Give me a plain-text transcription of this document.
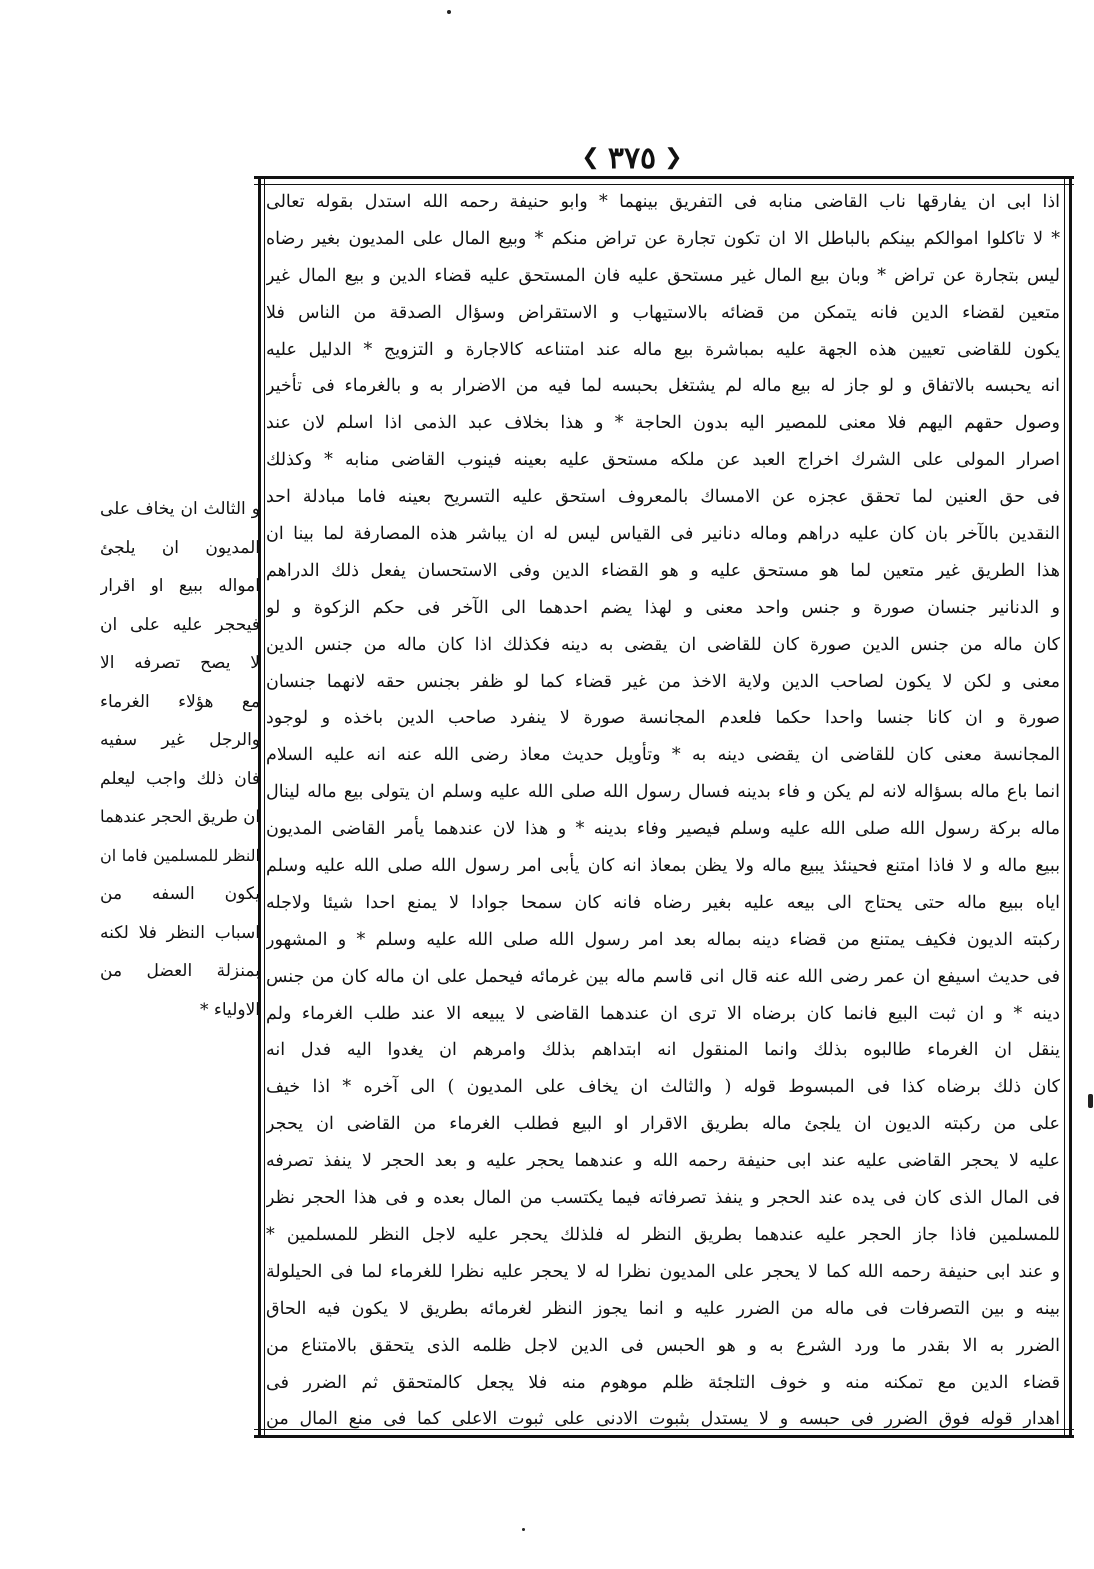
❮ ٣٧٥ ❯
اذا ابى ان يفارقها ناب القاضى منابه فى التفريق بينهما * وابو حنيفة رحمه الله استدل بقوله تعالى
* لا تاكلوا اموالكم بينكم بالباطل الا ان تكون تجارة عن تراض منكم * وبيع المال على المديون بغير رضاه
ليس بتجارة عن تراض * وبان بيع المال غير مستحق عليه فان المستحق عليه قضاء الدين و بيع المال غير
متعين لقضاء الدين فانه يتمكن من قضائه بالاستيهاب و الاستقراض وسؤال الصدقة من الناس فلا
يكون للقاضى تعيين هذه الجهة عليه بمباشرة بيع ماله عند امتناعه كالاجارة و التزويج * الدليل عليه
انه يحبسه بالاتفاق و لو جاز له بيع ماله لم يشتغل بحبسه لما فيه من الاضرار به و بالغرماء فى تأخير
وصول حقهم اليهم فلا معنى للمصير اليه بدون الحاجة * و هذا بخلاف عبد الذمى اذا اسلم لان عند
اصرار المولى على الشرك اخراج العبد عن ملكه مستحق عليه بعينه فينوب القاضى منابه * وكذلك
فى حق العنين لما تحقق عجزه عن الامساك بالمعروف استحق عليه التسريح بعينه فاما مبادلة احد
النقدين بالآخر بان كان عليه دراهم وماله دنانير فى القياس ليس له ان يباشر هذه المصارفة لما بينا ان
هذا الطريق غير متعين لما هو مستحق عليه و هو القضاء الدين وفى الاستحسان يفعل ذلك الدراهم
و الدنانير جنسان صورة و جنس واحد معنى و لهذا يضم احدهما الى الآخر فى حكم الزكوة و لو
كان ماله من جنس الدين صورة كان للقاضى ان يقضى به دينه فكذلك اذا كان ماله من جنس الدين
معنى و لكن لا يكون لصاحب الدين ولاية الاخذ من غير قضاء كما لو ظفر بجنس حقه لانهما جنسان
صورة و ان كانا جنسا واحدا حكما فلعدم المجانسة صورة لا ينفرد صاحب الدين باخذه و لوجود
المجانسة معنى كان للقاضى ان يقضى دينه به * وتأويل حديث معاذ رضى الله عنه انه عليه السلام
انما باع ماله بسؤاله لانه لم يكن و فاء بدينه فسال رسول الله صلى الله عليه وسلم ان يتولى بيع ماله لينال
ماله بركة رسول الله صلى الله عليه وسلم فيصير وفاء بدينه * و هذا لان عندهما يأمر القاضى المديون
ببيع ماله و لا فاذا امتنع فحينئذ يبيع ماله ولا يظن بمعاذ انه كان يأبى امر رسول الله صلى الله عليه وسلم
اياه ببيع ماله حتى يحتاج الى بيعه عليه بغير رضاه فانه كان سمحا جوادا لا يمنع احدا شيئا ولاجله
ركبته الديون فكيف يمتنع من قضاء دينه بماله بعد امر رسول الله صلى الله عليه وسلم * و المشهور
فى حديث اسيفع ان عمر رضى الله عنه قال انى قاسم ماله بين غرمائه فيحمل على ان ماله كان من جنس
دينه * و ان ثبت البيع فانما كان برضاه الا ترى ان عندهما القاضى لا يبيعه الا عند طلب الغرماء ولم
ينقل ان الغرماء طالبوه بذلك وانما المنقول انه ابتداهم بذلك وامرهم ان يغدوا اليه فدل انه
كان ذلك برضاه كذا فى المبسوط قوله ( والثالث ان يخاف على المديون ) الى آخره * اذا خيف
على من ركبته الديون ان يلجئ ماله بطريق الاقرار او البيع فطلب الغرماء من القاضى ان يحجر
عليه لا يحجر القاضى عليه عند ابى حنيفة رحمه الله و عندهما يحجر عليه و بعد الحجر لا ينفذ تصرفه
فى المال الذى كان فى يده عند الحجر و ينفذ تصرفاته فيما يكتسب من المال بعده و فى هذا الحجر نظر
للمسلمين فاذا جاز الحجر عليه عندهما بطريق النظر له فلذلك يحجر عليه لاجل النظر للمسلمين *
و عند ابى حنيفة رحمه الله كما لا يحجر على المديون نظرا له لا يحجر عليه نظرا للغرماء لما فى الحيلولة
بينه و بين التصرفات فى ماله من الضرر عليه و انما يجوز النظر لغرمائه بطريق لا يكون فيه الحاق
الضرر به الا بقدر ما ورد الشرع به و هو الحبس فى الدين لاجل ظلمه الذى يتحقق بالامتناع من
قضاء الدين مع تمكنه منه و خوف التلجئة ظلم موهوم منه فلا يجعل كالمتحقق ثم الضرر فى
اهدار قوله فوق الضرر فى حبسه و لا يستدل بثبوت الادنى على ثبوت الاعلى كما فى منع المال من
و الثالث ان يخاف على
المديون ان يلجئ
امواله ببيع او اقرار
فيحجر عليه على ان
لا يصح تصرفه الا
مع هؤلاء الغرماء
والرجل غير سفيه
فان ذلك واجب ليعلم
ان طريق الحجر عندهما
النظر للمسلمين فاما ان
يكون السفه من
اسباب النظر فلا لكنه
بمنزلة العضل من
الاولياء *
